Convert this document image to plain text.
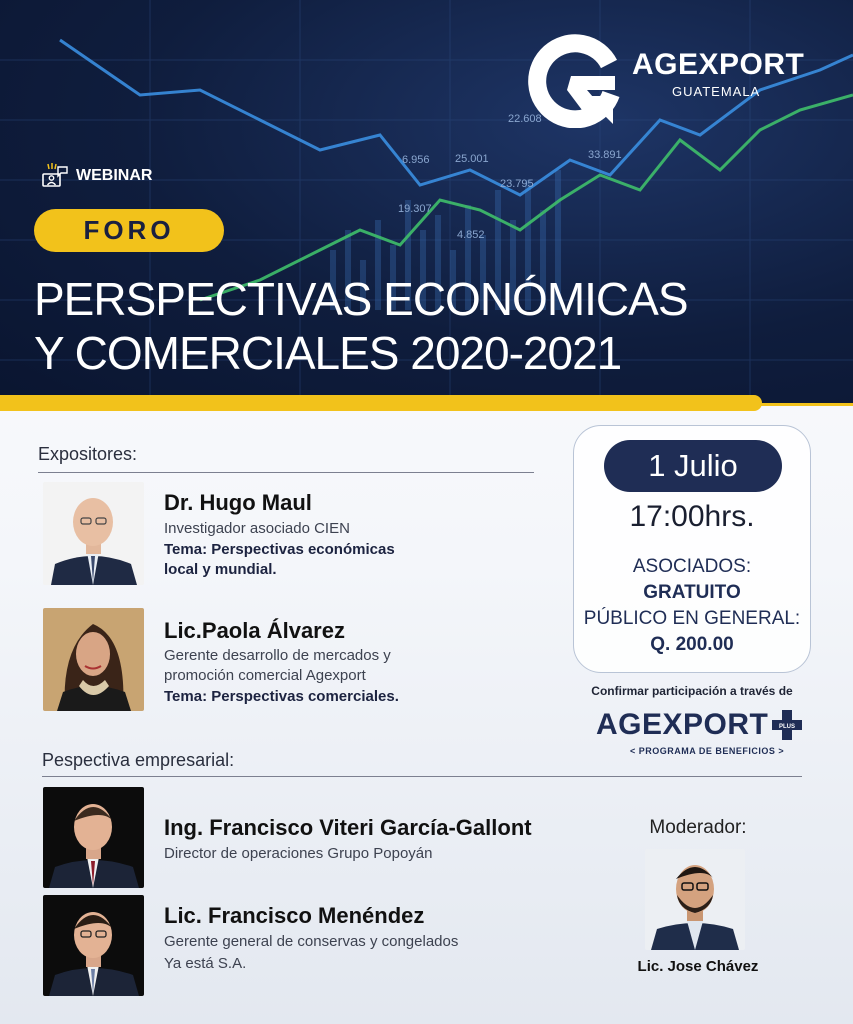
22.608
6.956 25.001
19.307
23.795
4.852
33.891
AGEXPORT
GUATEMALA
WEBINAR
FORO
PERSPECTIVAS ECONÓMICAS
Y COMERCIALES 2020-2021
Expositores:
Dr. Hugo Maul
Investigador asociado CIEN
Tema: Perspectivas económicas
local y mundial.
Lic.Paola Álvarez
Gerente desarrollo de mercados y
promoción comercial Agexport
Tema: Perspectivas comerciales.
1 Julio
17:00hrs.
ASOCIADOS:
GRATUITO
PÚBLICO EN GENERAL:
Q. 200.00
Confirmar participación a través de
AGEXPORT PLUS
< PROGRAMA DE BENEFICIOS >
Pespectiva empresarial:
Ing. Francisco Viteri García-Gallont
Director de operaciones Grupo Popoyán
Lic. Francisco Menéndez
Gerente general de conservas y congelados
Ya está S.A.
Moderador:
Lic. Jose Chávez
